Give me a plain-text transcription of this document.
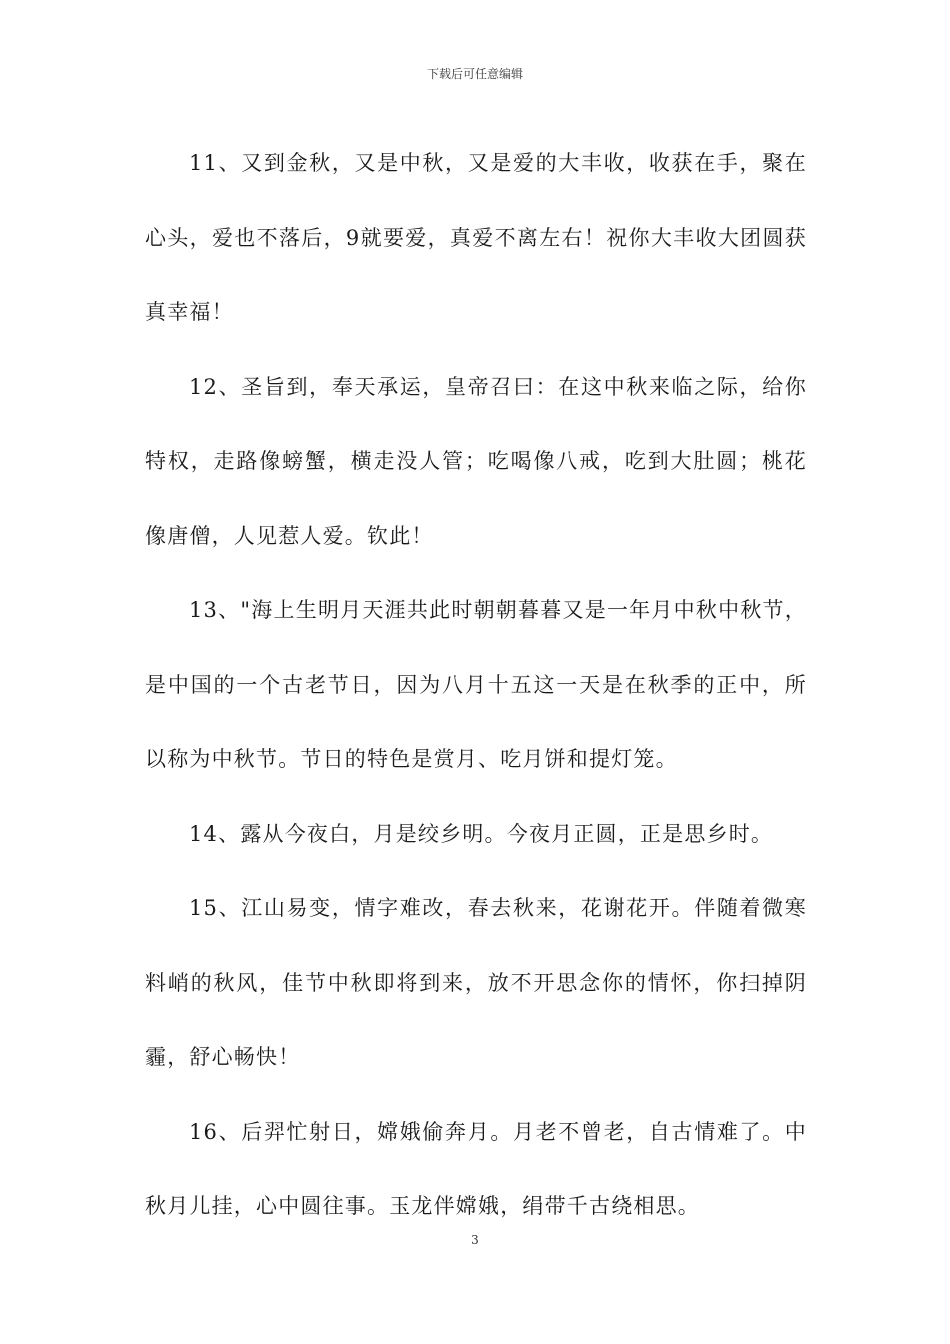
下载后可任意编辑

11、又到金秋，又是中秋，又是爱的大丰收，收获在手，聚在心头，爱也不落后，9就要爱，真爱不离左右！祝你大丰收大团圆获真幸福！

12、圣旨到，奉天承运，皇帝召曰：在这中秋来临之际，给你特权，走路像螃蟹，横走没人管；吃喝像八戒，吃到大肚圆；桃花像唐僧，人见惹人爱。钦此！

13、"海上生明月天涯共此时朝朝暮暮又是一年月中秋中秋节，是中国的一个古老节日，因为八月十五这一天是在秋季的正中，所以称为中秋节。节日的特色是赏月、吃月饼和提灯笼。

14、露从今夜白，月是绞乡明。今夜月正圆，正是思乡时。

15、江山易变，情字难改，春去秋来，花谢花开。伴随着微寒料峭的秋风，佳节中秋即将到来，放不开思念你的情怀，你扫掉阴霾，舒心畅快！

16、后羿忙射日，嫦娥偷奔月。月老不曾老，自古情难了。中秋月儿挂，心中圆往事。玉龙伴嫦娥，绢带千古绕相思。

3
